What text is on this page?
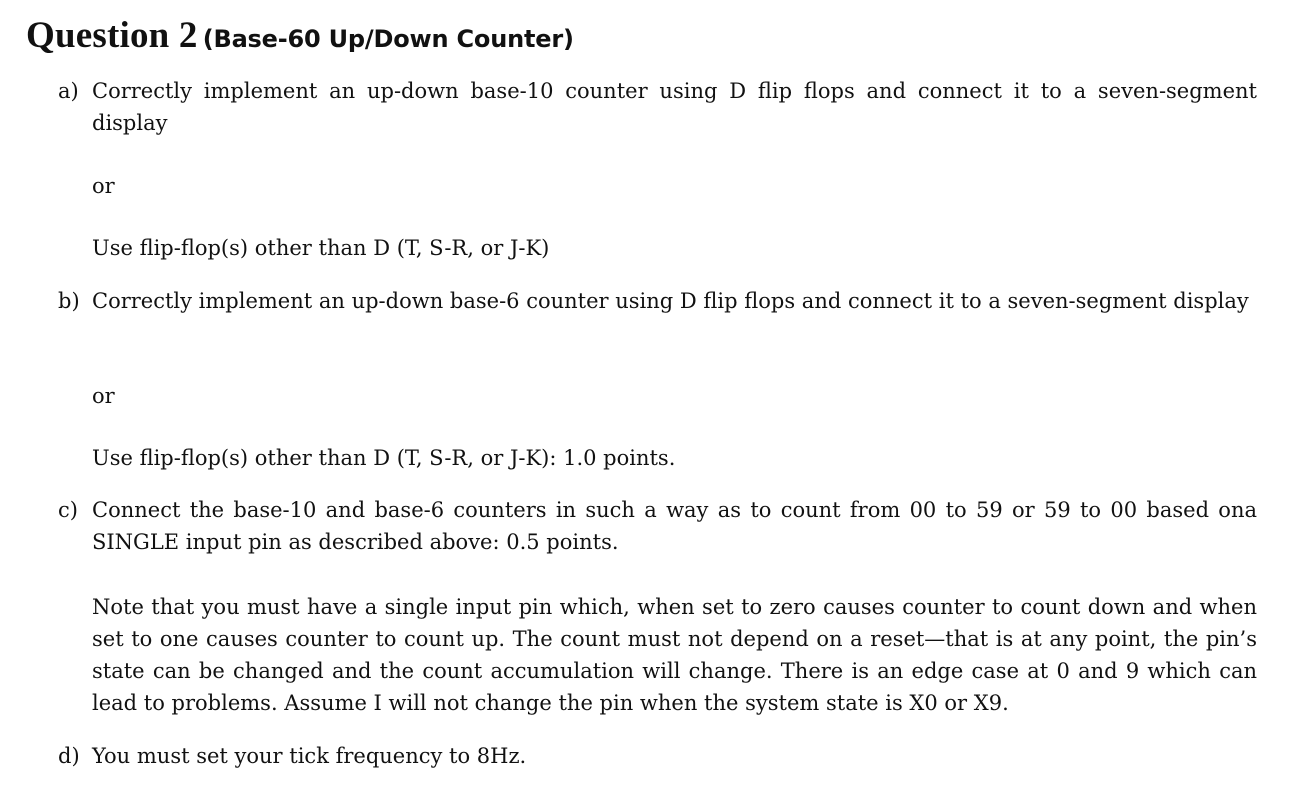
Question 2 (Base-60 Up/Down Counter)
a) Correctly implement an up-down base-10 counter using D flip flops and connect it to a seven-segment display
or
Use flip-flop(s) other than D (T, S-R, or J-K)
b) Correctly implement an up-down base-6 counter using D flip flops and connect it to a seven-segment display
or
Use flip-flop(s) other than D (T, S-R, or J-K): 1.0 points.
c) Connect the base-10 and base-6 counters in such a way as to count from 00 to 59 or 59 to 00 based ona SINGLE input pin as described above: 0.5 points.
Note that you must have a single input pin which, when set to zero causes counter to count down and when set to one causes counter to count up. The count must not depend on a reset—that is at any point, the pin’s state can be changed and the count accumulation will change. There is an edge case at 0 and 9 which can lead to problems. Assume I will not change the pin when the system state is X0 or X9.
d) You must set your tick frequency to 8Hz.
